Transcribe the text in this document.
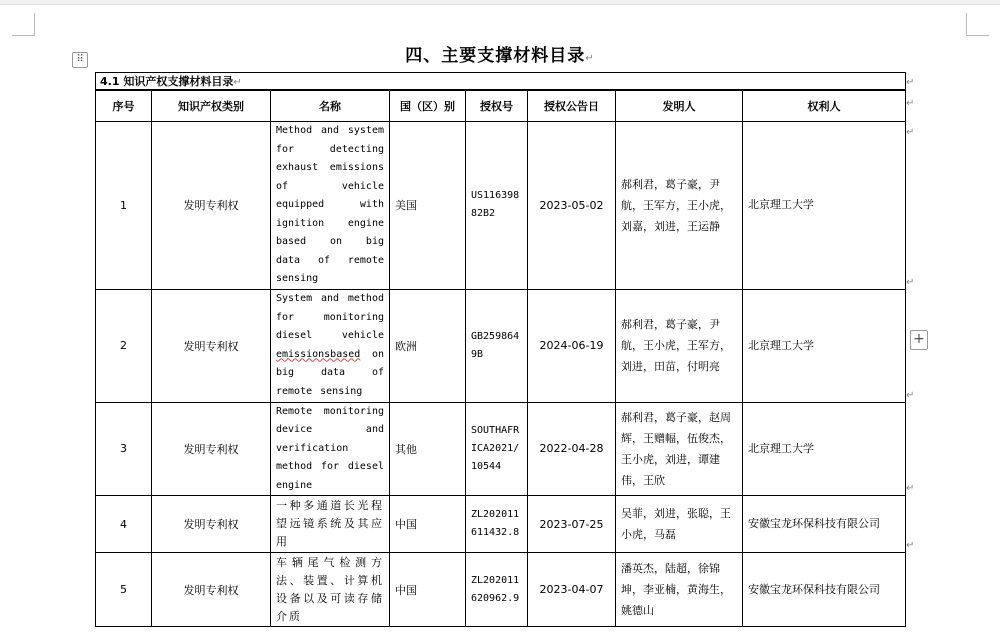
⠿
+
四、主要支撑材料目录↵
4.1 知识产权支撑材料目录↵							
序号	知识产权类别	名称	国（区）别	授权号	授权公告日	发明人	权利人
1	发明专利权	Method and system for detecting exhaust emissions of vehicle equipped with ignition engine based on big data of remote sensing	美国	US11639882B2	2023-05-02	郝利君，葛子豪，尹航，王军方，王小虎，刘嘉，刘进，王运静	北京理工大学
2	发明专利权	System and method for monitoring diesel vehicle emissionsbased on big data of remote sensing	欧洲	GB2598649B	2024-06-19	郝利君，葛子豪，尹航，王小虎，王军方，刘进，田苗，付明亮	北京理工大学
3	发明专利权	Remote monitoring device and verification method for diesel engine	其他	SOUTHAFRICA2021/10544	2022-04-28	郝利君，葛子豪，赵周辉，王赠幅，伍俊杰，王小虎，刘进，谭建伟，王欣	北京理工大学
4	发明专利权	一种多通道长光程望远镜系统及其应用	中国	ZL202011611432.8	2023-07-25	吴菲，刘进，张聪，王小虎，马磊	安徽宝龙环保科技有限公司
5	发明专利权	车辆尾气检测方法、装置、计算机设备以及可读存储介质	中国	ZL202011620962.9	2023-04-07	潘英杰，陆超，徐锦坤，李亚楠，黄海生，姚德山	安徽宝龙环保科技有限公司
↵
↵
↵
↵
↵
↵
↵
